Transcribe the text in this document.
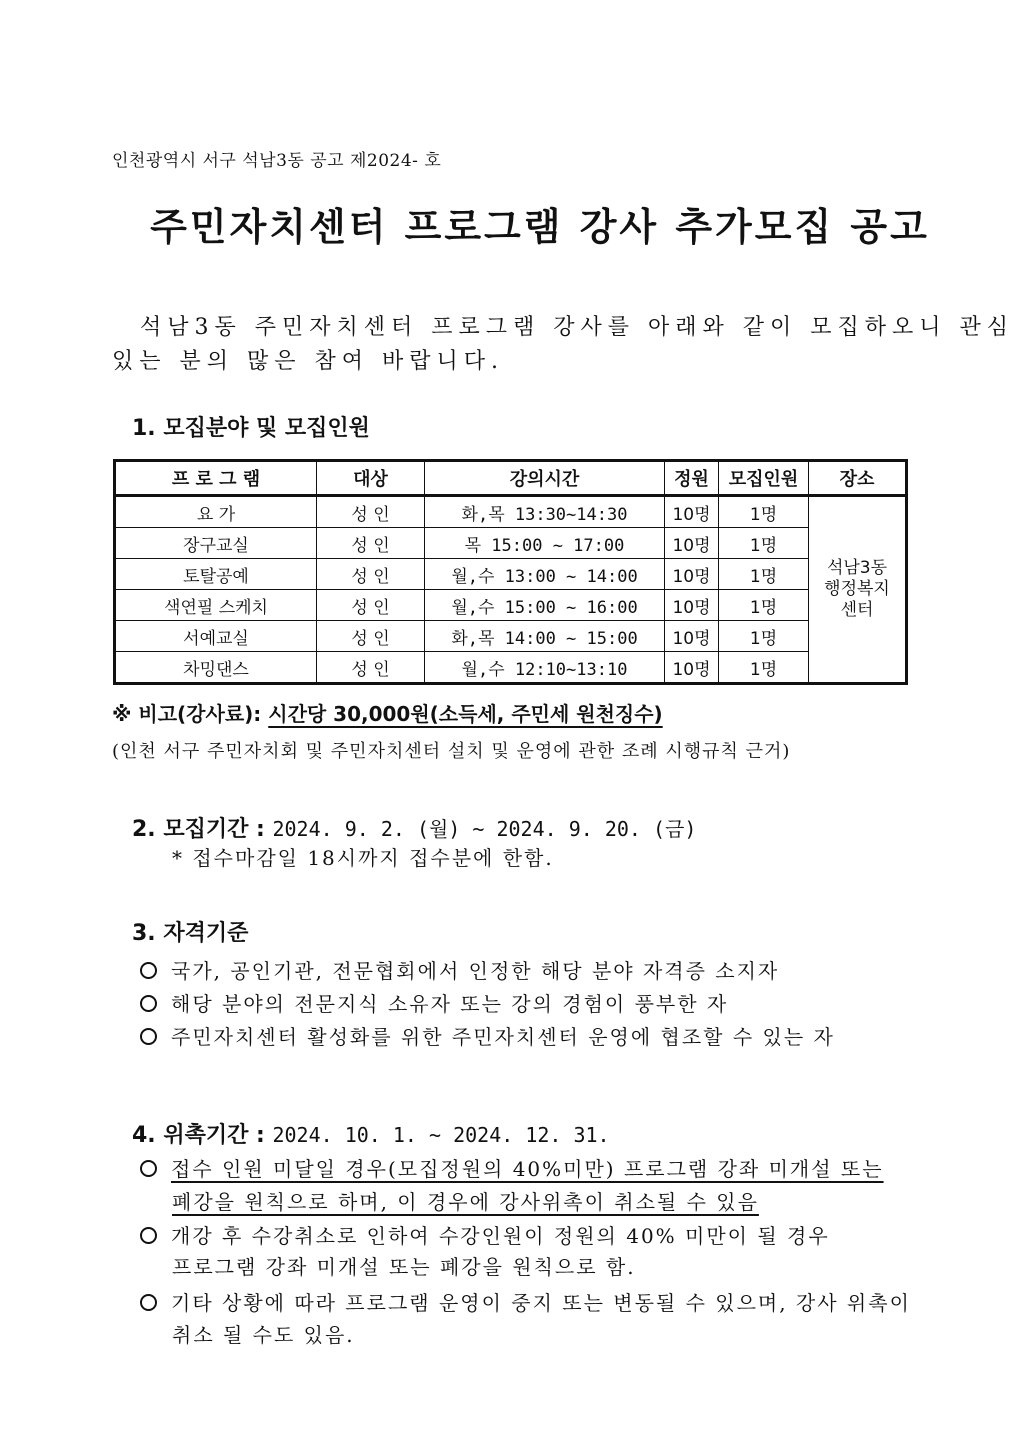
인천광역시 서구 석남3동 공고 제2024- 호
주민자치센터 프로그램 강사 추가모집 공고
석남3동 주민자치센터 프로그램 강사를 아래와 같이 모집하오니 관심
있는 분의 많은 참여 바랍니다.
1. 모집분야 및 모집인원
프 로 그 램	대상	강의시간	정원	모집인원	장소
요 가	성 인	화,목 13:30~14:30	10명	1명	석남3동
행정복지
센터

장구교실	성 인	목 15:00 ~ 17:00	10명	1명	
토탈공예	성 인	월,수 13:00 ~ 14:00	10명	1명	
색연필 스케치	성 인	월,수 15:00 ~ 16:00	10명	1명	
서예교실	성 인	화,목 14:00 ~ 15:00	10명	1명	
차밍댄스	성 인	월,수 12:10~13:10	10명	1명	
※ 비고(강사료): 시간당 30,000원(소득세, 주민세 원천징수)
(인천 서구 주민자치회 및 주민자치센터 설치 및 운영에 관한 조례 시행규칙 근거)
2. 모집기간 : 2024. 9. 2. (월) ~ 2024. 9. 20. (금)
* 접수마감일 18시까지 접수분에 한함.
3. 자격기준
국가, 공인기관, 전문협회에서 인정한 해당 분야 자격증 소지자
해당 분야의 전문지식 소유자 또는 강의 경험이 풍부한 자
주민자치센터 활성화를 위한 주민자치센터 운영에 협조할 수 있는 자
4. 위촉기간 : 2024. 10. 1. ~ 2024. 12. 31.
접수 인원 미달일 경우(모집정원의 40%미만) 프로그램 강좌 미개설 또는
폐강을 원칙으로 하며, 이 경우에 강사위촉이 취소될 수 있음
개강 후 수강취소로 인하여 수강인원이 정원의 40% 미만이 될 경우
프로그램 강좌 미개설 또는 폐강을 원칙으로 함.
기타 상황에 따라 프로그램 운영이 중지 또는 변동될 수 있으며, 강사 위촉이
취소 될 수도 있음.
